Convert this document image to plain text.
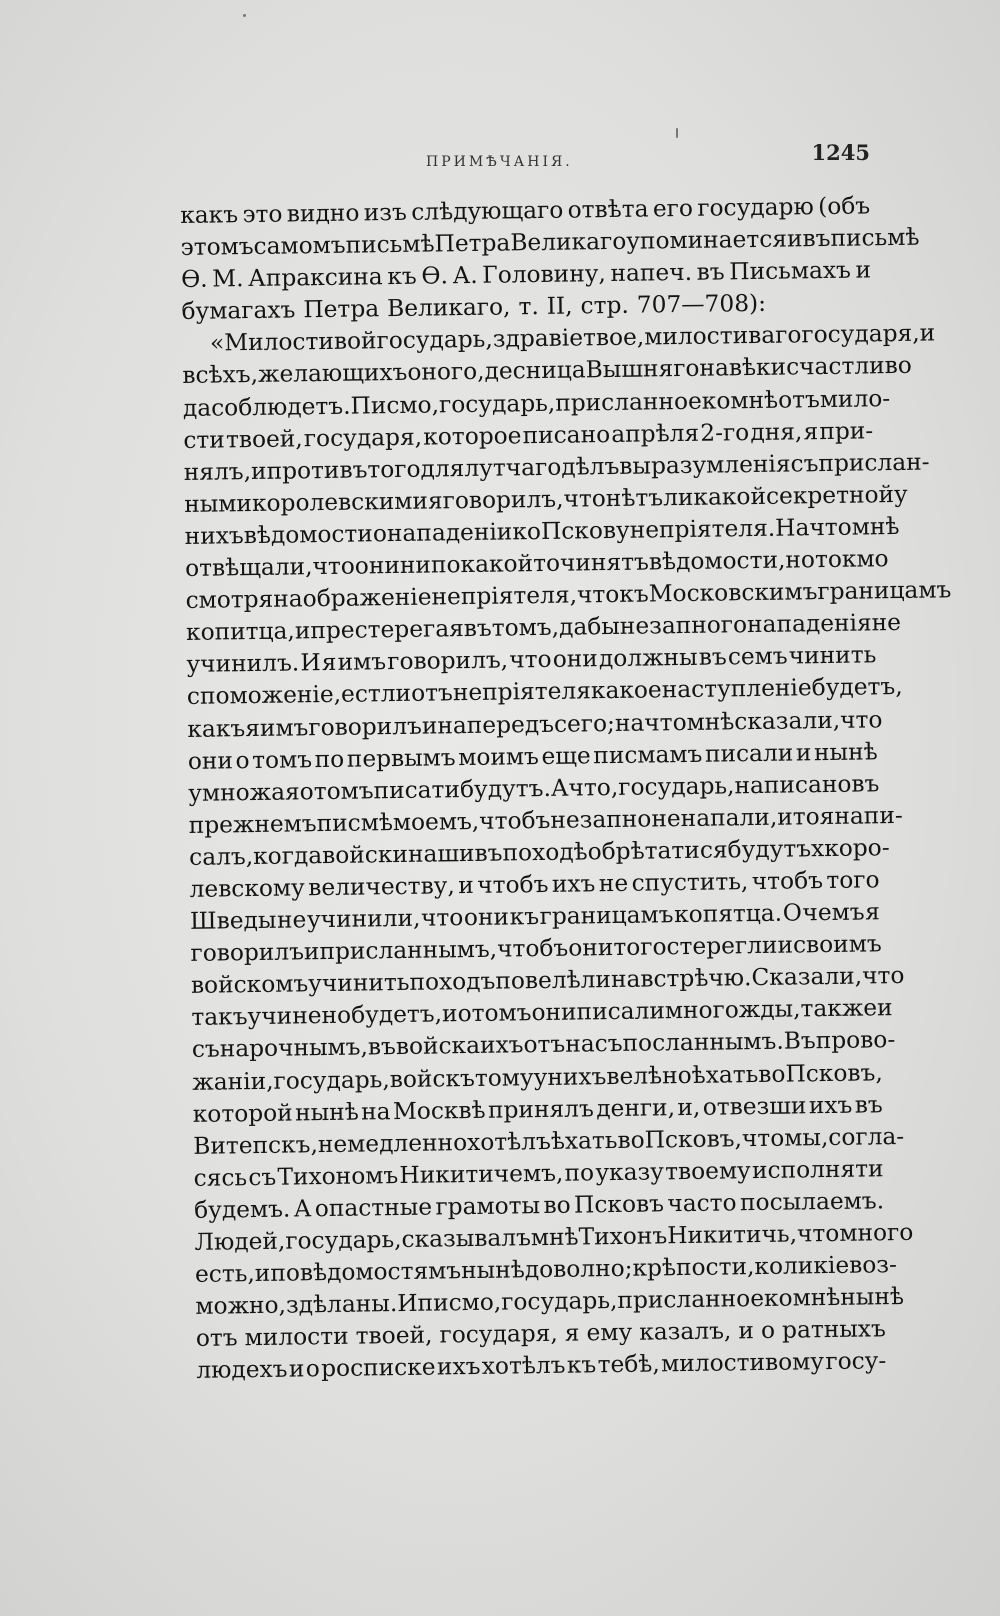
ПРИМѢЧАНІЯ.	1245
какъ это видно изъ слѣдующаго отвѣта его государю (объ
этомъ самомъ письмѣ Петра Великаго упоминается и въ письмѣ
Ѳ. М. Апраксина къ Ѳ. А. Головину, напеч. въ Письмахъ и
бумагахъ Петра Великаго, т. II, стр. 707—708):
«Милостивой государь, здравіе твое, милостиваго государя, и
всѣхъ, желающихъ оного, десница Вышняго навѣки счастливо
да соблюдетъ. Писмо, государь, присланное ко мнѣ отъ мило-
сти твоей, государя, которое писано апрѣля 2-го дня, я при-
нялъ, и противъ того для лутчаго дѣлъ выразумленія съ прислан-
ными королевскими я говорилъ, что нѣтъ ли какой секретной у
нихъ вѣдомости о нападеніи ко Пскову непріятеля. На что мнѣ
отвѣщали, что они ни по какой то чинятъ вѣдомости, но токмо
смотря на ображеніе непріятеля, что къ Московскимъ границамъ
копитца, и престерегая въ томъ, дабы незапного нападенія не
учинилъ. И я имъ говорилъ, что они должны въ семъ чинить
споможеніе, естли отъ непріятеля какое наступленіе будетъ,
какъ я имъ говорилъ и напередъ сего; на что мнѣ сказали, что
они о томъ по первымъ моимъ еще писмамъ писали и нынѣ
умножая о томъ писати будутъ. А что, государь, написано въ
прежнемъ писмѣ моемъ, чтобъ незапно не напали, и то я напи-
салъ, когда войски наши въ походѣ обрѣтатися будутъ х коро-
левскому величеству, и чтобъ ихъ не спустить, чтобъ того
Шведы не учинили, что они къ границамъ копятца. О чемъ я
говорилъ и присланнымъ, чтобъ они того стерегли и своимъ
войскомъ учинить походъ повелѣли на встрѣчю. Сказали, что
такъ учинено будетъ, и о томъ они писали многожды, также и
съ нарочнымъ, въ войска ихъ отъ насъ посланнымъ. Въ прово-
жаніи, государь, войскъ тому у нихъ велѣно ѣхать во Псковъ,
которой нынѣ на Москвѣ принялъ денги, и, отвезши ихъ въ
Витепскъ, немедленно хотѣлъ ѣхать во Псковъ, что мы, согла-
сясь съ Тихономъ Никитичемъ, по указу твоему исполняти
будемъ. А опастные грамоты во Псковъ часто посылаемъ.
Людей, государь, сказывалъ мнѣ Тихонъ Никитичь, что много
есть, и по вѣдомостямъ нынѣ доволно; крѣпости, коликіе воз-
можно, здѣланы. И писмо, государь, присланное ко мнѣ нынѣ
отъ милости твоей, государя, я ему казалъ, и о ратныхъ
людехъ и о росписке ихъ хотѣлъ къ тебѣ, милостивому госу-
